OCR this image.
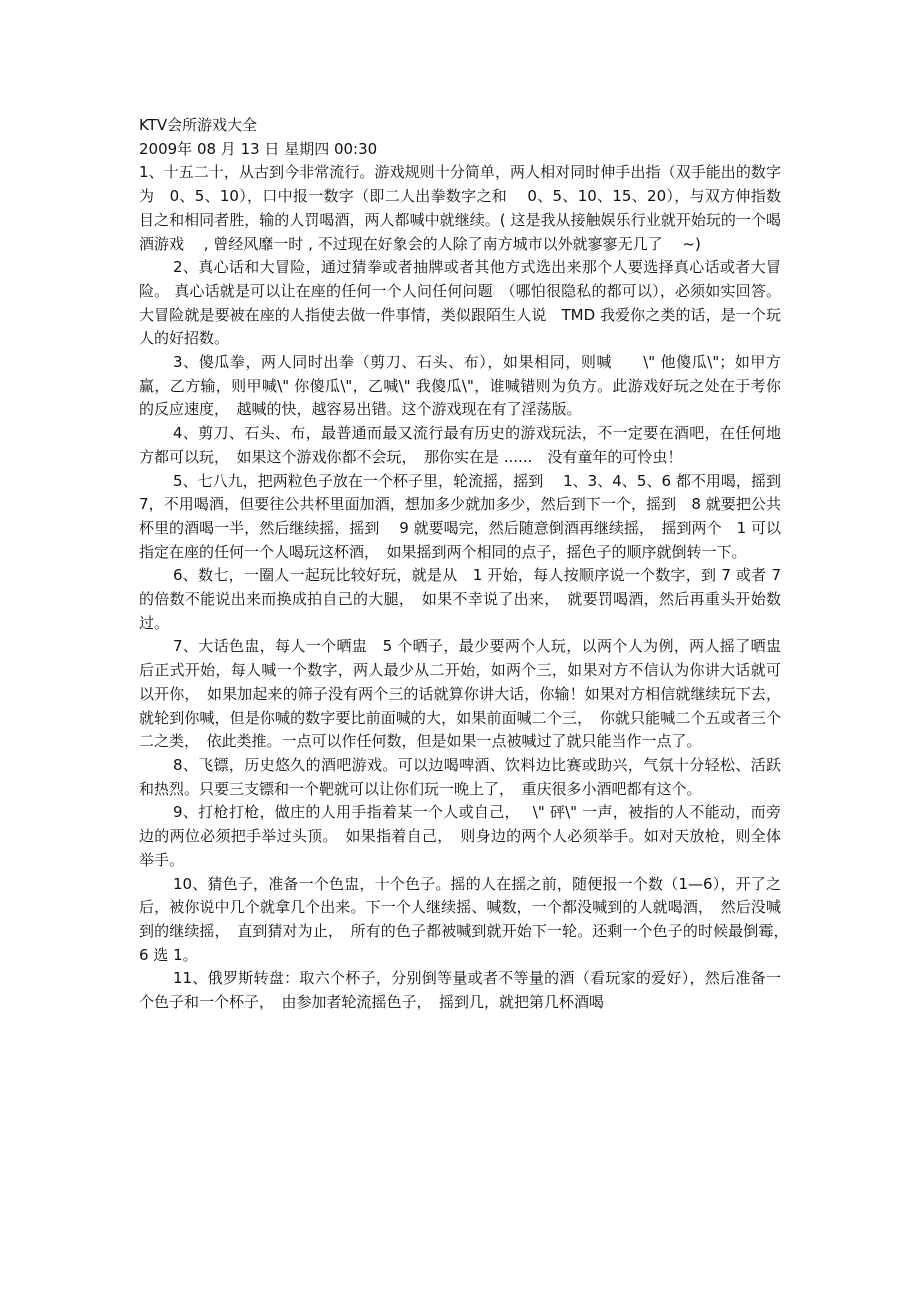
KTV会所游戏大全

2009年 08 月 13 日 星期四 00:30

1、十五二十，从古到今非常流行。游戏规则十分简单，两人相对同时伸手出指（双手能出的数字为　0、5、10），口中报一数字（即二人出拳数字之和　 0、5、10、15、20），与双方伸指数目之和相同者胜，输的人罚喝酒，两人都喊中就继续。( 这是我从接触娱乐行业就开始玩的一个喝酒游戏　 , 曾经风靡一时 , 不过现在好象会的人除了南方城市以外就寥寥无几了　 ~)

2、真心话和大冒险，通过猜拳或者抽牌或者其他方式选出来那个人要选择真心话或者大冒险。 真心话就是可以让在座的任何一个人问任何问题　（哪怕很隐私的都可以），必须如实回答。大冒险就是要被在座的人指使去做一件事情，类似跟陌生人说　TMD 我爱你之类的话，是一个玩人的好招数。

3、傻瓜拳，两人同时出拳（剪刀、石头、布），如果相同，则喊　　\" 他傻瓜\"；如甲方赢，乙方输，则甲喊\" 你傻瓜\"，乙喊\" 我傻瓜\"，谁喊错则为负方。此游戏好玩之处在于考你的反应速度，　越喊的快，越容易出错。这个游戏现在有了淫荡版。

4、剪刀、石头、布，最普通而最又流行最有历史的游戏玩法，不一定要在酒吧，在任何地方都可以玩，　如果这个游戏你都不会玩，　那你实在是 ......　没有童年的可怜虫！

5、七八九，把两粒色子放在一个杯子里，轮流摇，摇到　 1、3、4、5、6 都不用喝，摇到　7，不用喝酒，但要往公共杯里面加酒，想加多少就加多少，然后到下一个，摇到　8 就要把公共杯里的酒喝一半，然后继续摇，摇到　 9 就要喝完，然后随意倒酒再继续摇，　摇到两个　1 可以指定在座的任何一个人喝玩这杯酒，　如果摇到两个相同的点子，摇色子的顺序就倒转一下。

6、数七，一圈人一起玩比较好玩，就是从　1 开始，每人按顺序说一个数字，到 7 或者 7 的倍数不能说出来而换成拍自己的大腿，　如果不幸说了出来，　就要罚喝酒，然后再重头开始数过。

7、大话色盅，每人一个晒盅　5 个晒子，最少要两个人玩，以两个人为例，两人摇了晒盅后正式开始，每人喊一个数字，两人最少从二开始，如两个三，如果对方不信认为你讲大话就可以开你，　如果加起来的筛子没有两个三的话就算你讲大话，你输！如果对方相信就继续玩下去，就轮到你喊，但是你喊的数字要比前面喊的大，如果前面喊二个三，　你就只能喊二个五或者三个二之类，　依此类推。一点可以作任何数，但是如果一点被喊过了就只能当作一点了。

8、飞镖，历史悠久的酒吧游戏。可以边喝啤酒、饮料边比赛或助兴，气氛十分轻松、活跃和热烈。只要三支镖和一个靶就可以让你们玩一晚上了，　重庆很多小酒吧都有这个。

9、打枪打枪，做庄的人用手指着某一个人或自己，　 \" 砰\" 一声，被指的人不能动，而旁边的两位必须把手举过头顶。　如果指着自己，　则身边的两个人必须举手。如对天放枪，则全体举手。

10、猜色子，准备一个色盅，十个色子。摇的人在摇之前，随便报一个数（1—6），开了之后，被你说中几个就拿几个出来。下一个人继续摇、喊数，一个都没喊到的人就喝酒，　然后没喊到的继续摇，　直到猜对为止，　所有的色子都被喊到就开始下一轮。还剩一个色子的时候最倒霉，　 6 选 1。

11、俄罗斯转盘：取六个杯子，分别倒等量或者不等量的酒（看玩家的爱好），然后准备一个色子和一个杯子，　由参加者轮流摇色子，　摇到几，就把第几杯酒喝
